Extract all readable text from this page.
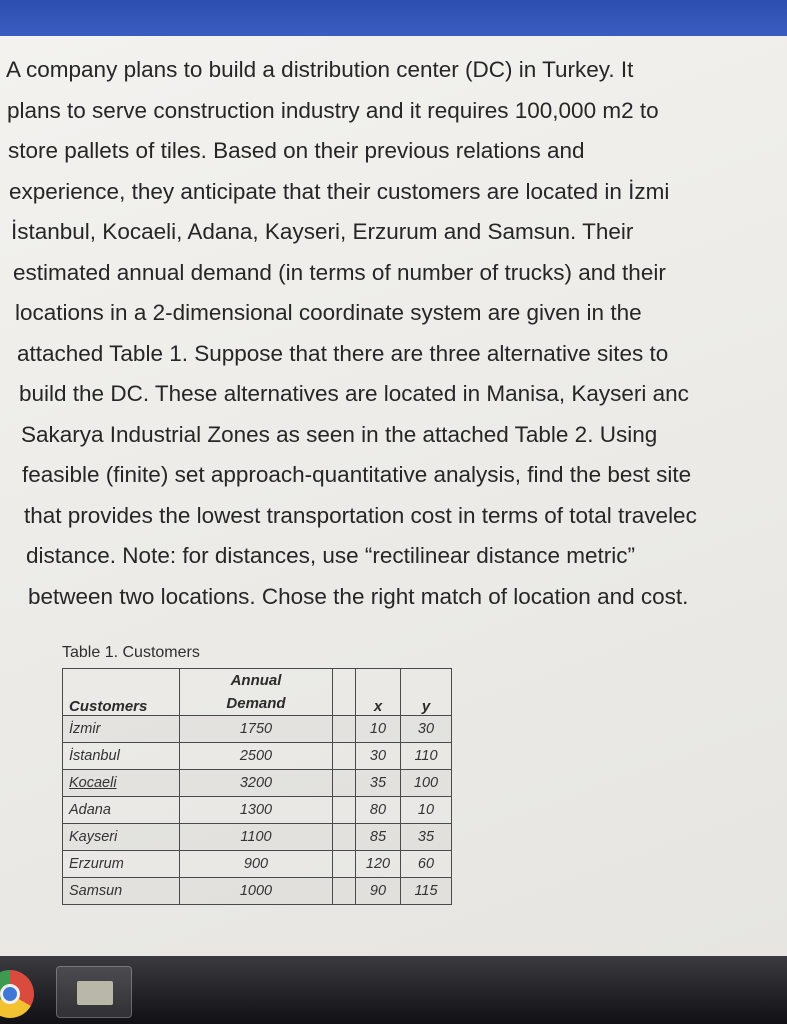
A company plans to build a distribution center (DC) in Turkey. It
plans to serve construction industry and it requires 100,000 m2 to
store pallets of tiles. Based on their previous relations and
experience, they anticipate that their customers are located in İzmi
İstanbul, Kocaeli, Adana, Kayseri, Erzurum and Samsun. Their
estimated annual demand (in terms of number of trucks) and their
locations in a 2-dimensional coordinate system are given in the
attached Table 1. Suppose that there are three alternative sites to
build the DC. These alternatives are located in Manisa, Kayseri anc
Sakarya Industrial Zones as seen in the attached Table 2. Using
feasible (finite) set approach-quantitative analysis, find the best site
that provides the lowest transportation cost in terms of total travelec
distance. Note: for distances, use “rectilinear distance metric”
between two locations. Chose the right match of location and cost.

Table 1. Customers
Customers	Annual
Demand		x	y
İzmir	1750		10	30
İstanbul	2500		30	110
Kocaeli	3200		35	100
Adana	1300		80	10
Kayseri	1100		85	35
Erzurum	900		120	60
Samsun	1000		90	115
